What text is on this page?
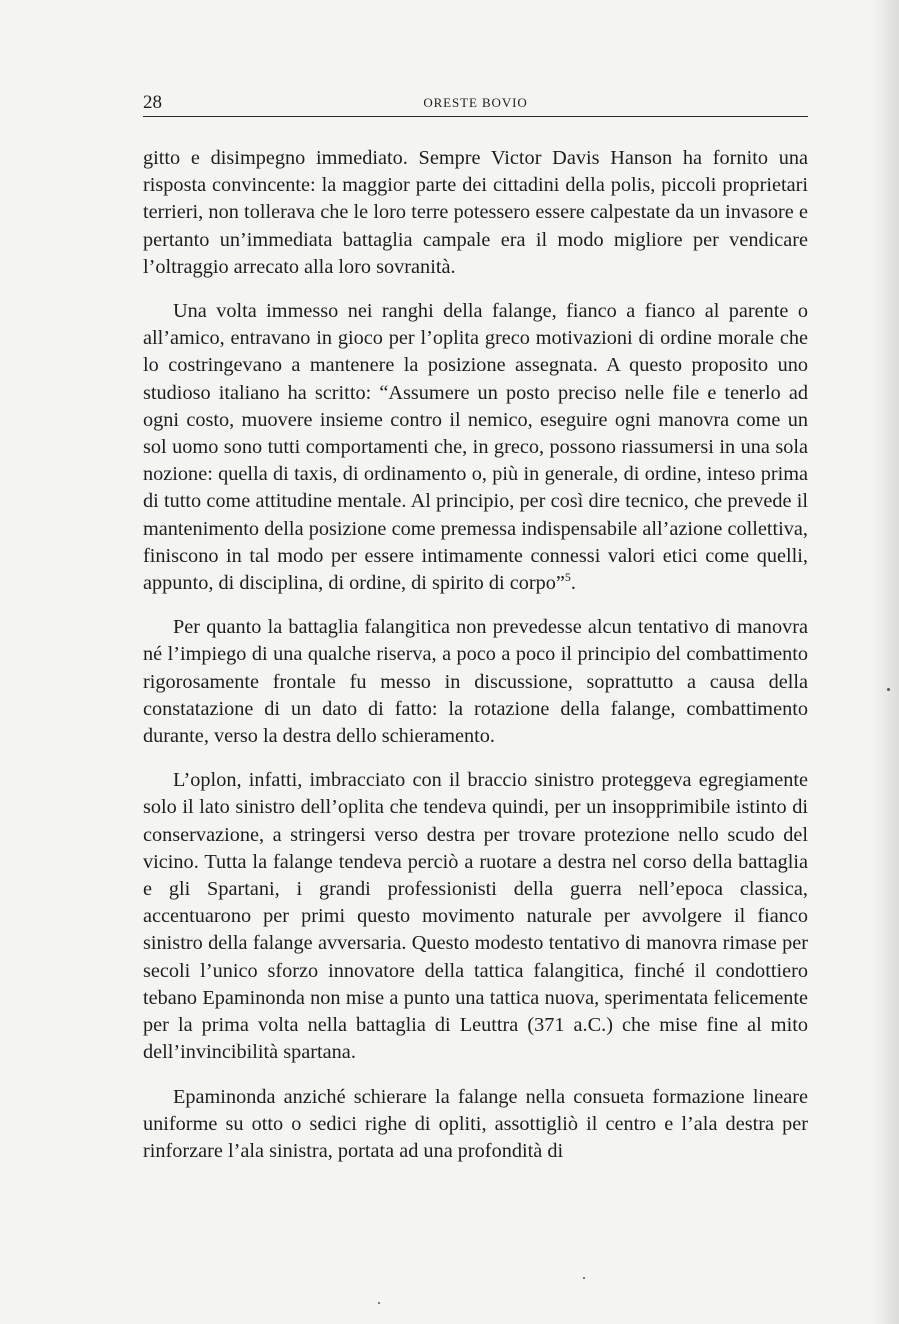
28	ORESTE BOVIO

gitto e disimpegno immediato. Sempre Victor Davis Hanson ha fornito una risposta convincente: la maggior parte dei cittadini della polis, piccoli proprietari terrieri, non tollerava che le loro terre potessero essere calpestate da un invasore e pertanto un’immediata battaglia campale era il modo migliore per vendicare l’oltraggio arrecato alla loro sovranità.

Una volta immesso nei ranghi della falange, fianco a fianco al parente o all’amico, entravano in gioco per l’oplita greco motivazioni di ordine morale che lo costringevano a mantenere la posizione assegnata. A questo proposito uno studioso italiano ha scritto: “Assumere un posto preciso nelle file e tenerlo ad ogni costo, muovere insieme contro il nemico, eseguire ogni manovra come un sol uomo sono tutti comportamenti che, in greco, possono riassumersi in una sola nozione: quella di taxis, di ordinamento o, più in generale, di ordine, inteso prima di tutto come attitudine mentale. Al principio, per così dire tecnico, che prevede il mantenimento della posizione come premessa indispensabile all’azione collettiva, finiscono in tal modo per essere intimamente connessi valori etici come quelli, appunto, di disciplina, di ordine, di spirito di corpo”$^5$.

Per quanto la battaglia falangitica non prevedesse alcun tentativo di manovra né l’impiego di una qualche riserva, a poco a poco il principio del combattimento rigorosamente frontale fu messo in discussione, soprattutto a causa della constatazione di un dato di fatto: la rotazione della falange, combattimento durante, verso la destra dello schieramento.

L’oplon, infatti, imbracciato con il braccio sinistro proteggeva egregiamente solo il lato sinistro dell’oplita che tendeva quindi, per un insopprimibile istinto di conservazione, a stringersi verso destra per trovare protezione nello scudo del vicino. Tutta la falange tendeva perciò a ruotare a destra nel corso della battaglia e gli Spartani, i grandi professionisti della guerra nell’epoca classica, accentuarono per primi questo movimento naturale per avvolgere il fianco sinistro della falange avversaria. Questo modesto tentativo di manovra rimase per secoli l’unico sforzo innovatore della tattica falangitica, finché il condottiero tebano Epaminonda non mise a punto una tattica nuova, sperimentata felicemente per la prima volta nella battaglia di Leuttra (371 a.C.) che mise fine al mito dell’invincibilità spartana.

Epaminonda anziché schierare la falange nella consueta formazione lineare uniforme su otto o sedici righe di opliti, assottigliò il centro e l’ala destra per rinforzare l’ala sinistra, portata ad una profondità di
